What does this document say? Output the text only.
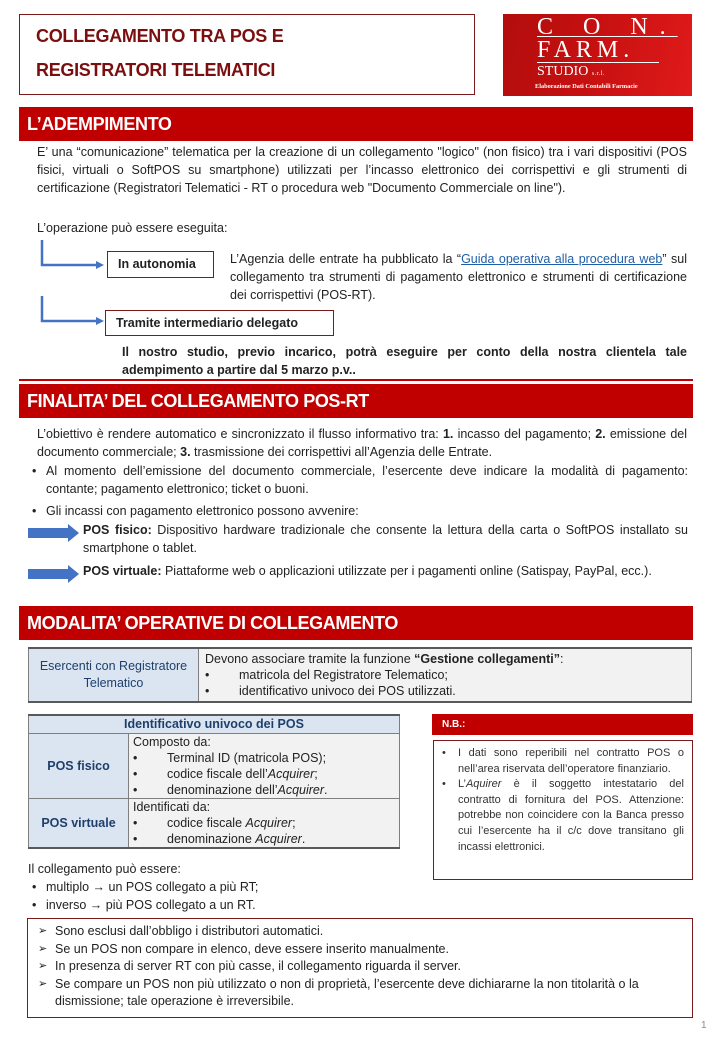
COLLEGAMENTO TRA POS E
REGISTRATORI TELEMATICI
C O N.
FARM.
STUDIO s.r.l.
Elaborazione Dati Contabili Farmacie
L’ADEMPIMENTO
E’ una “comunicazione” telematica per la creazione di un collegamento "logico" (non fisico) tra i vari dispositivi (POS fisici, virtuali o SoftPOS su smartphone) utilizzati per l’incasso elettronico dei corrispettivi e gli strumenti di certificazione (Registratori Telematici - RT o procedura web "Documento Commerciale on line").
L’operazione può essere eseguita:
In autonomia	L’Agenzia delle entrate ha pubblicato la “Guida operativa alla procedura web” sul collegamento tra strumenti di pagamento elettronico e strumenti di certificazione dei corrispettivi (POS-RT).
Tramite intermediario delegato
Il nostro studio, previo incarico, potrà eseguire per conto della nostra clientela tale adempimento a partire dal 5 marzo p.v..
FINALITA’ DEL COLLEGAMENTO POS-RT
L’obiettivo è rendere automatico e sincronizzato il flusso informativo tra: 1. incasso del pagamento; 2. emissione del documento commerciale; 3. trasmissione dei corrispettivi all’Agenzia delle Entrate.
• Al momento dell’emissione del documento commerciale, l’esercente deve indicare la modalità di pagamento: contante; pagamento elettronico; ticket o buoni.
• Gli incassi con pagamento elettronico possono avvenire:
POS fisico: Dispositivo hardware tradizionale che consente la lettura della carta o SoftPOS installato su smartphone o tablet.
POS virtuale: Piattaforme web o applicazioni utilizzate per i pagamenti online (Satispay, PayPal, ecc.).
MODALITA’ OPERATIVE DI COLLEGAMENTO
Esercenti con Registratore Telematico	
Devono associare tramite la funzione “Gestione collegamenti”:
• matricola del Registratore Telematico;
• identificativo univoco dei POS utilizzati.
Identificativo univoco dei POS	
POS fisico	Composto da:
• Terminal ID (matricola POS);
• codice fiscale dell’Acquirer;
• denominazione dell’Acquirer.

POS virtuale	Identificati da:
• codice fiscale Acquirer;
• denominazione Acquirer.
N.B.:
• I dati sono reperibili nel contratto POS o nell’area riservata dell’operatore finanziario.
• L’Aquirer è il soggetto intestatario del contratto di fornitura del POS. Attenzione: potrebbe non coincidere con la Banca presso cui l’esercente ha il c/c dove transitano gli incassi elettronici.
Il collegamento può essere:
• multiplo → un POS collegato a più RT;
• inverso → più POS collegato a un RT.
➢ Sono esclusi dall’obbligo i distributori automatici.
➢ Se un POS non compare in elenco, deve essere inserito manualmente.
➢ In presenza di server RT con più casse, il collegamento riguarda il server.
➢ Se compare un POS non più utilizzato o non di proprietà, l’esercente deve dichiararne la non titolarità o la dismissione; tale operazione è irreversibile.
1
